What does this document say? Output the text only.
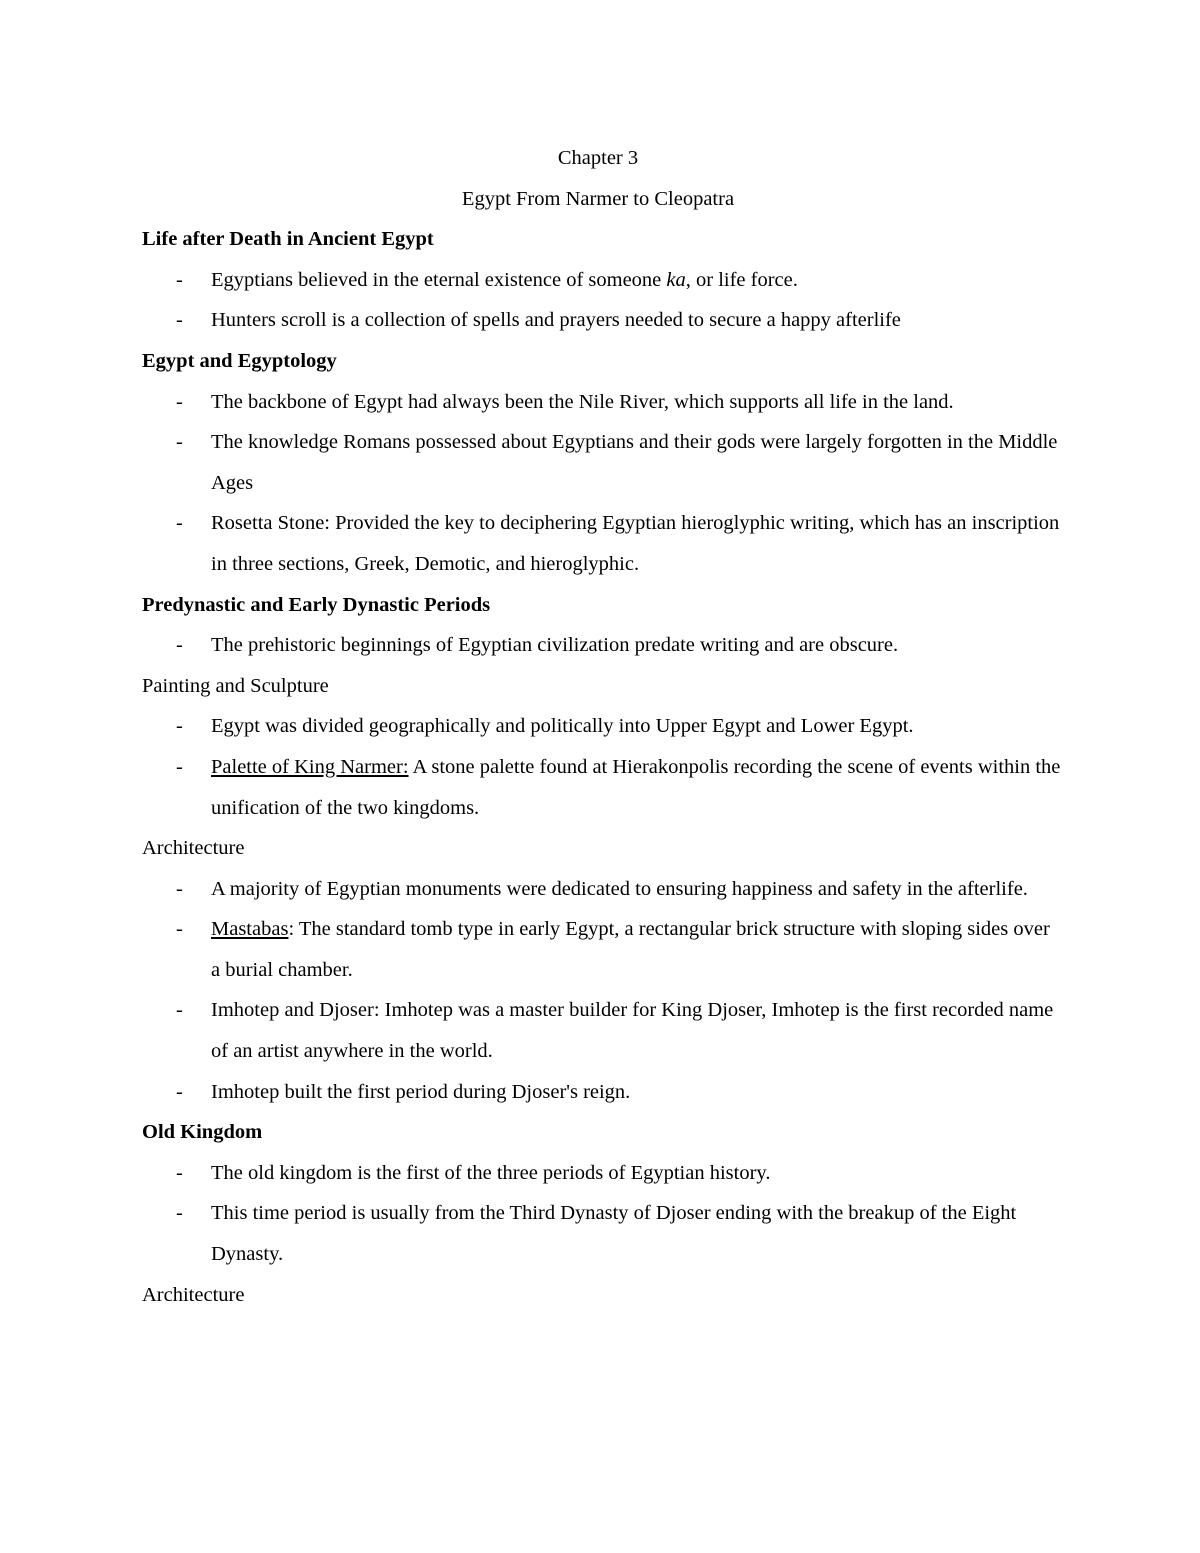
Chapter 3
Egypt From Narmer to Cleopatra
Life after Death in Ancient Egypt
- Egyptians believed in the eternal existence of someone ka, or life force.
- Hunters scroll is a collection of spells and prayers needed to secure a happy afterlife
Egypt and Egyptology
- The backbone of Egypt had always been the Nile River, which supports all life in the land.
- The knowledge Romans possessed about Egyptians and their gods were largely forgotten in the Middle Ages
- Rosetta Stone: Provided the key to deciphering Egyptian hieroglyphic writing, which has an inscription in three sections, Greek, Demotic, and hieroglyphic.
Predynastic and Early Dynastic Periods
- The prehistoric beginnings of Egyptian civilization predate writing and are obscure.
Painting and Sculpture
- Egypt was divided geographically and politically into Upper Egypt and Lower Egypt.
- Palette of King Narmer: A stone palette found at Hierakonpolis recording the scene of events within the unification of the two kingdoms.
Architecture
- A majority of Egyptian monuments were dedicated to ensuring happiness and safety in the afterlife.
- Mastabas: The standard tomb type in early Egypt, a rectangular brick structure with sloping sides over a burial chamber.
- Imhotep and Djoser: Imhotep was a master builder for King Djoser, Imhotep is the first recorded name of an artist anywhere in the world.
- Imhotep built the first period during Djoser's reign.
Old Kingdom
- The old kingdom is the first of the three periods of Egyptian history.
- This time period is usually from the Third Dynasty of Djoser ending with the breakup of the Eight Dynasty.
Architecture
